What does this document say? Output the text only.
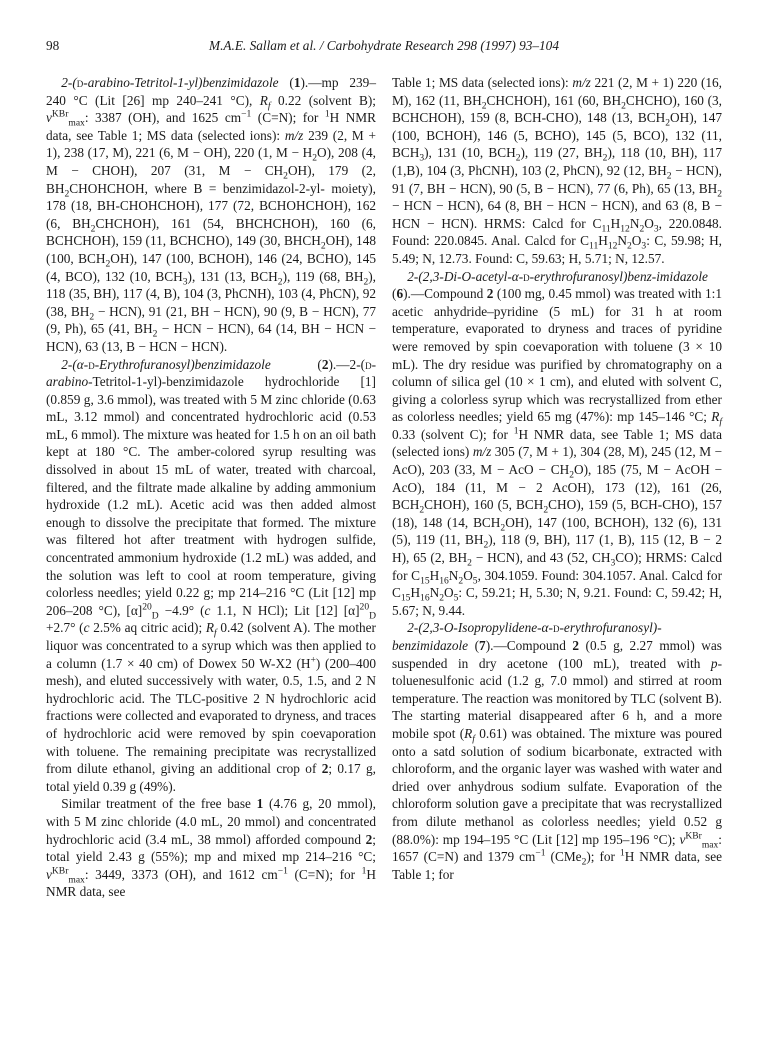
98	M.A.E. Sallam et al. / Carbohydrate Research 298 (1997) 93–104

2-(d-arabino-Tetritol-1-yl)benzimidazole (1).—mp 239–240 °C (Lit [26] mp 240–241 °C), $R_f$ 0.22 (solvent B); $\nu^{KBr}_{max}$: 3387 (OH), and 1625 $cm^{-1}$ (C=N); for $^1$H NMR data, see Table 1; MS data (selected ions): m/z 239 (2, M + 1), 238 (17, M), 221 (6, M − OH), 220 (1, $M - H_2O$), 208 (4, M − CHOH), 207 (31, $M - CH_2OH$), 179 (2, $BH_2CHOHCHOH$, where B = benzimidazol-2-yl- moiety), 178 (18, BH-CHOHCHOH), 177 (72, BCHOHCHOH), 162 (6, $BH_2CHCHOH$), 161 (54, BHCHCHOH), 160 (6, BCHCHOH), 159 (11, BCHCHO), 149 (30, $BHCH_2OH$), 148 (100, $BCH_2OH$), 147 (100, BCHOH), 146 (24, BCHO), 145 (4, BCO), 132 (10, $BCH_3$), 131 (13, $BCH_2$), 119 (68, $BH_2$), 118 (35, BH), 117 (4, B), 104 (3, PhCNH), 103 (4, PhCN), 92 (38, $BH_2 - HCN$), 91 (21, BH − HCN), 90 (9, B − HCN), 77 (9, Ph), 65 (41, $BH_2$ − HCN − HCN), 64 (14, BH − HCN − HCN), 63 (13, B − HCN − HCN).

2-(α-d-Erythrofuranosyl)benzimidazole (2).—2-(d-arabino-Tetritol-1-yl)-benzimidazole hydrochloride [1] (0.859 g, 3.6 mmol), was treated with 5 M zinc chloride (0.63 mL, 3.12 mmol) and concentrated hydrochloric acid (0.53 mL, 6 mmol). The mixture was heated for 1.5 h on an oil bath kept at 180 °C. The amber-colored syrup resulting was dissolved in about 15 mL of water, treated with charcoal, filtered, and the filtrate made alkaline by adding ammonium hydroxide (1.2 mL). Acetic acid was then added almost enough to dissolve the precipitate that formed. The mixture was filtered hot after treatment with hydrogen sulfide, concentrated ammonium hydroxide (1.2 mL) was added, and the solution was left to cool at room temperature, giving colorless needles; yield 0.22 g; mp 214–216 °C (Lit [12] mp 206–208 °C), $[\alpha]^{20}_D -4.9^\circ$ (c 1.1, N HCl); Lit [12] $[\alpha]^{20}_D +2.7^\circ$ (c 2.5% aq citric acid); $R_f$ 0.42 (solvent A). The mother liquor was concentrated to a syrup which was then applied to a column (1.7 × 40 cm) of Dowex 50 W-X2 (H+) (200–400 mesh), and eluted successively with water, 0.5, 1.5, and 2 N hydrochloric acid. The TLC-positive 2 N hydrochloric acid fractions were collected and evaporated to dryness, and traces of hydrochloric acid were removed by spin coevaporation with toluene. The remaining precipitate was recrystallized from dilute ethanol, giving an additional crop of 2; 0.17 g, total yield 0.39 g (49%).

Similar treatment of the free base 1 (4.76 g, 20 mmol), with 5 M zinc chloride (4.0 mL, 20 mmol) and concentrated hydrochloric acid (3.4 mL, 38 mmol) afforded compound 2; total yield 2.43 g (55%); mp and mixed mp 214–216 °C; $\nu^{KBr}_{max}$: 3449, 3373 (OH), and 1612 $cm^{-1}$ (C=N); for $^1$H NMR data, see

Table 1; MS data (selected ions): m/z 221 (2, M + 1) 220 (16, M), 162 (11, $BH_2CHCHOH$), 161 (60, $BH_2CHCHO$), 160 (3, BCHCHOH), 159 (8, BCH-CHO), 148 (13, $BCH_2OH$), 147 (100, BCHOH), 146 (5, BCHO), 145 (5, BCO), 132 (11, $BCH_3$), 131 (10, $BCH_2$), 119 (27, $BH_2$), 118 (10, BH), 117 (1,B), 104 (3, PhCNH), 103 (2, PhCN), 92 (12, $BH_2 - HCN$), 91 (7, BH − HCN), 90 (5, B − HCN), 77 (6, Ph), 65 (13, $BH_2$ − HCN − HCN), 64 (8, BH − HCN − HCN), and 63 (8, B − HCN − HCN). HRMS: Calcd for $C_{11}H_{12}N_2O_3$, 220.0848. Found: 220.0845. Anal. Calcd for $C_{11}H_{12}N_2O_3$: C, 59.98; H, 5.49; N, 12.73. Found: C, 59.63; H, 5.71; N, 12.57.

2-(2,3-Di-O-acetyl-α-d-erythrofuranosyl)benz-imidazole (6).—Compound 2 (100 mg, 0.45 mmol) was treated with 1:1 acetic anhydride–pyridine (5 mL) for 31 h at room temperature, evaporated to dryness and traces of pyridine were removed by spin coevaporation with toluene (3 × 10 mL). The dry residue was purified by chromatography on a column of silica gel (10 × 1 cm), and eluted with solvent C, giving a colorless syrup which was recrystallized from ether as colorless needles; yield 65 mg (47%): mp 145–146 °C; $R_f$ 0.33 (solvent C); for $^1$H NMR data, see Table 1; MS data (selected ions) m/z 305 (7, M + 1), 304 (28, M), 245 (12, M − AcO), 203 (33, M − AcO − $CH_2O$), 185 (75, M − AcOH − AcO), 184 (11, M − 2 AcOH), 173 (12), 161 (26, $BCH_2CHOH$), 160 (5, $BCH_2CHO$), 159 (5, BCH-CHO), 157 (18), 148 (14, $BCH_2OH$), 147 (100, BCHOH), 132 (6), 131 (5), 119 (11, $BH_2$), 118 (9, BH), 117 (1, B), 115 (12, B − 2 H), 65 (2, $BH_2 - HCN$), and 43 (52, $CH_3CO$); HRMS: Calcd for $C_{15}H_{16}N_2O_5$, 304.1059. Found: 304.1057. Anal. Calcd for $C_{15}H_{16}N_2O_5$: C, 59.21; H, 5.30; N, 9.21. Found: C, 59.42; H, 5.67; N, 9.44.

2-(2,3-O-Isopropylidene-α-d-erythrofuranosyl)-benzimidazole (7).—Compound 2 (0.5 g, 2.27 mmol) was suspended in dry acetone (100 mL), treated with p-toluenesulfonic acid (1.2 g, 7.0 mmol) and stirred at room temperature. The reaction was monitored by TLC (solvent B). The starting material disappeared after 6 h, and a more mobile spot ($R_f$ 0.61) was obtained. The mixture was poured onto a satd solution of sodium bicarbonate, extracted with chloroform, and the organic layer was washed with water and dried over anhydrous sodium sulfate. Evaporation of the chloroform solution gave a precipitate that was recrystallized from dilute methanol as colorless needles; yield 0.52 g (88.0%): mp 194–195 °C (Lit [12] mp 195–196 °C); $\nu^{KBr}_{max}$: 1657 (C=N) and 1379 $cm^{-1}$ (CMe$_2$); for $^1$H NMR data, see Table 1; for
